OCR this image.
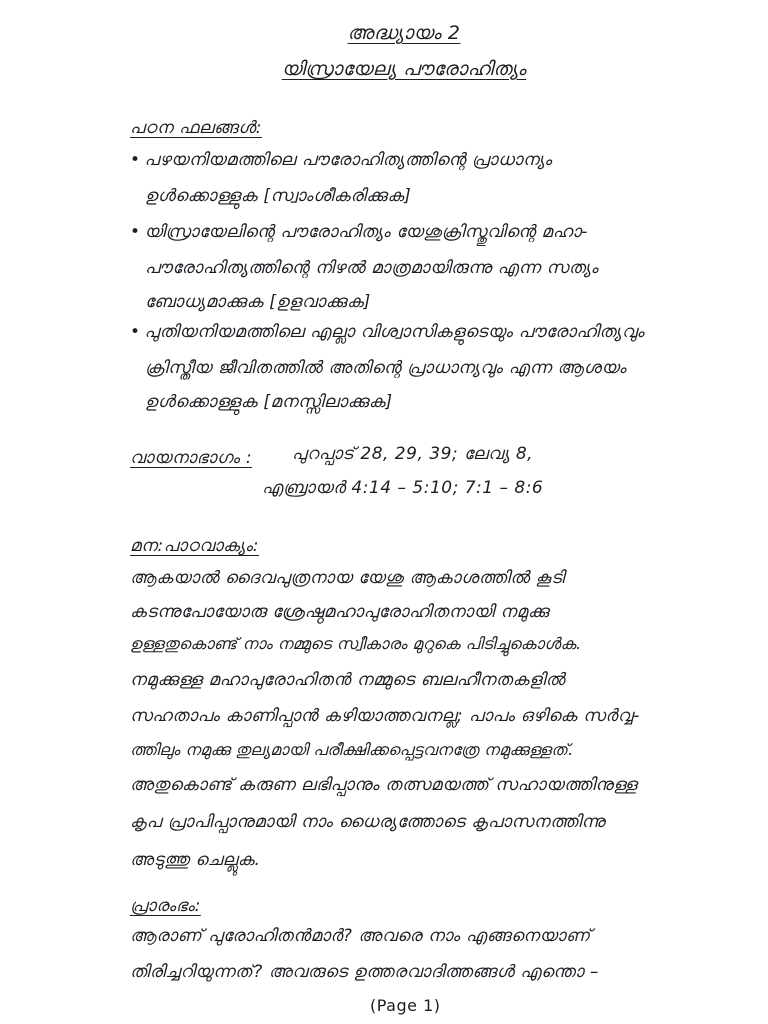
അദ്ധ്യായം 2
യിസ്രായേല്യ പൗരോഹിത്യം
പഠന ഫലങ്ങൾ:
• പഴയനിയമത്തിലെ പൗരോഹിത്യത്തിന്റെ പ്രാധാന്യം
ഉൾക്കൊള്ളുക [സ്വാംശീകരിക്കുക]
• യിസ്രായേലിന്റെ പൗരോഹിത്യം യേശുക്രിസ്തുവിന്റെ മഹാ-
പൗരോഹിത്യത്തിന്റെ നിഴൽ മാത്രമായിരുന്നു എന്ന സത്യം
ബോധ്യമാക്കുക [ഉളവാക്കുക]
• പുതിയനിയമത്തിലെ എല്ലാ വിശ്വാസികളുടെയും പൗരോഹിത്യവും
ക്രിസ്തീയ ജീവിതത്തിൽ അതിന്റെ പ്രാധാന്യവും എന്ന ആശയം
ഉൾക്കൊള്ളുക [മനസ്സിലാക്കുക]
വായനാഭാഗം : പുറപ്പാട് 28, 29, 39; ലേവ്യ 8,
എബ്രായർ 4:14 – 5:10; 7:1 – 8:6
മന:പാഠവാക്യം:
ആകയാൽ ദൈവപുത്രനായ യേശു ആകാശത്തിൽ കൂടി
കടന്നുപോയോരു ശ്രേഷ്ഠമഹാപുരോഹിതനായി നമുക്കു
ഉള്ളതുകൊണ്ട് നാം നമ്മുടെ സ്വീകാരം മുറുകെ പിടിച്ചുകൊൾക.
നമുക്കുള്ള മഹാപുരോഹിതൻ നമ്മുടെ ബലഹീനതകളിൽ
സഹതാപം കാണിപ്പാൻ കഴിയാത്തവനല്ല; പാപം ഒഴികെ സർവ്വ-
ത്തിലും നമുക്കു തുല്യമായി പരീക്ഷിക്കപ്പെട്ടവനത്രേ നമുക്കുള്ളത്.
അതുകൊണ്ട് കരുണ ലഭിപ്പാനും തത്സമയത്ത് സഹായത്തിനുള്ള
കൃപ പ്രാപിപ്പാനുമായി നാം ധൈര്യത്തോടെ കൃപാസനത്തിന്നു
അടുത്തു ചെല്ലുക.
പ്രാരംഭം:
ആരാണ് പുരോഹിതൻമാർ? അവരെ നാം എങ്ങനെയാണ്
തിരിച്ചറിയുന്നത്? അവരുടെ ഉത്തരവാദിത്തങ്ങൾ എന്തൊ –
(Page 1)
